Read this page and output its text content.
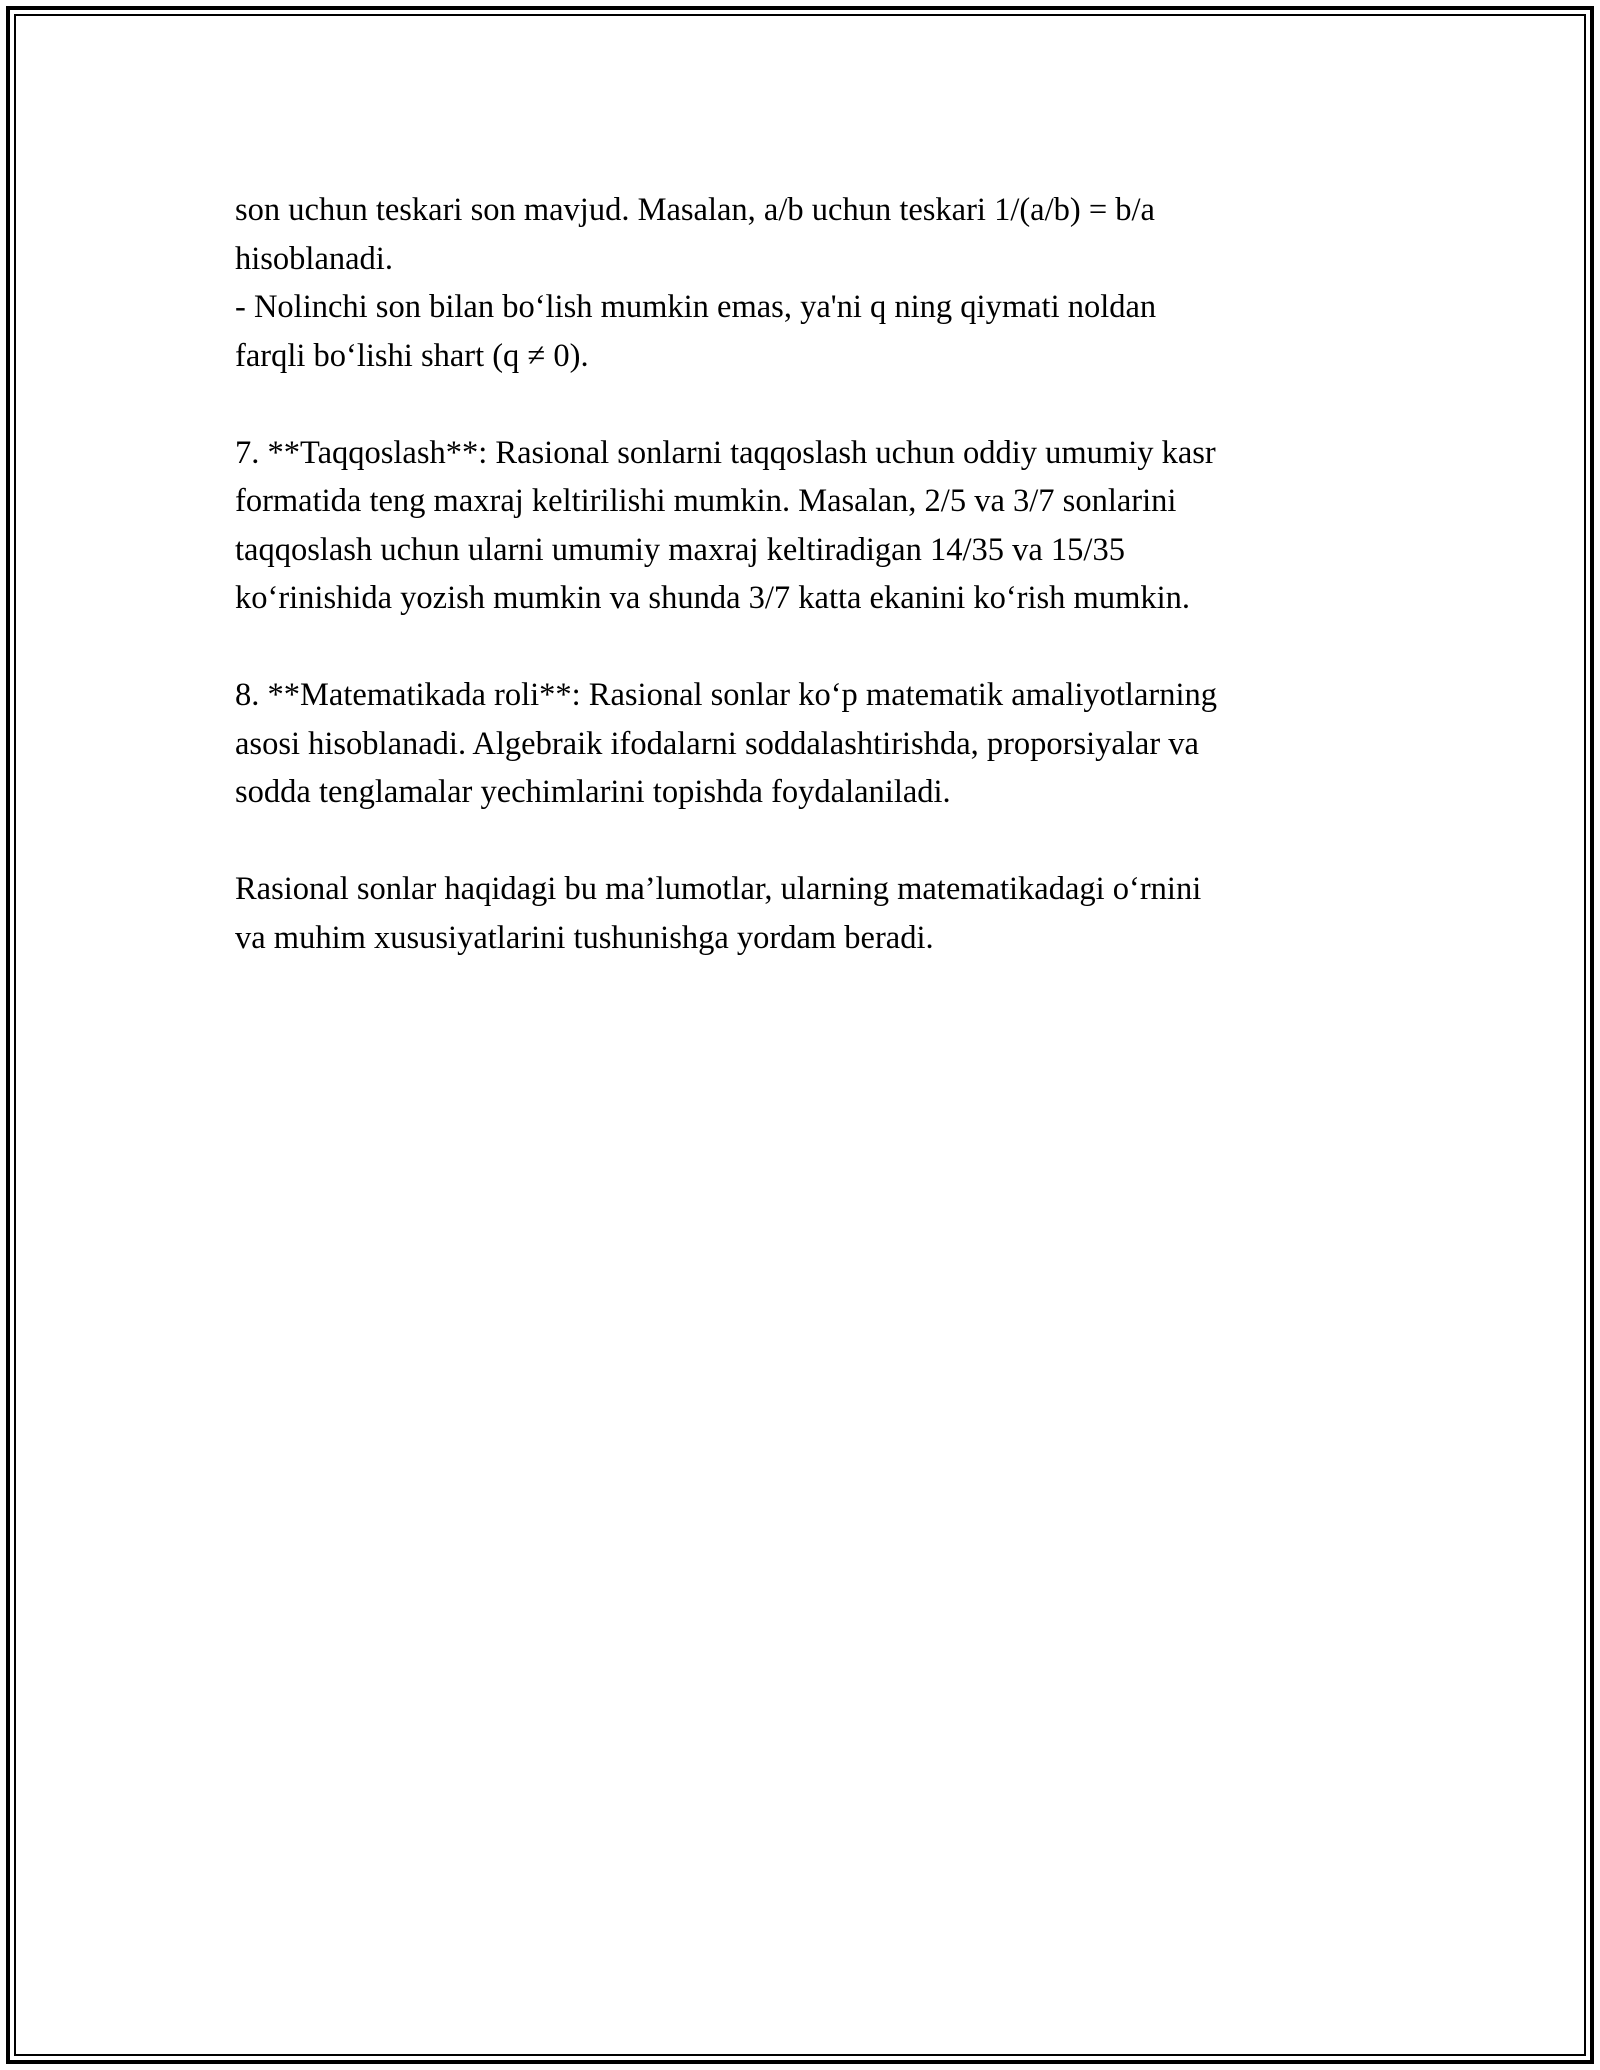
son uchun teskari son mavjud. Masalan, a/b uchun teskari 1/(a/b) = b/a
hisoblanadi.
- Nolinchi son bilan bo‘lish mumkin emas, ya'ni q ning qiymati noldan
farqli bo‘lishi shart (q ≠ 0).

7. **Taqqoslash**: Rasional sonlarni taqqoslash uchun oddiy umumiy kasr
formatida teng maxraj keltirilishi mumkin. Masalan, 2/5 va 3/7 sonlarini
taqqoslash uchun ularni umumiy maxraj keltiradigan 14/35 va 15/35
ko‘rinishida yozish mumkin va shunda 3/7 katta ekanini ko‘rish mumkin.

8. **Matematikada roli**: Rasional sonlar ko‘p matematik amaliyotlarning
asosi hisoblanadi. Algebraik ifodalarni soddalashtirishda, proporsiyalar va
sodda tenglamalar yechimlarini topishda foydalaniladi.

Rasional sonlar haqidagi bu ma’lumotlar, ularning matematikadagi o‘rnini
va muhim xususiyatlarini tushunishga yordam beradi.
